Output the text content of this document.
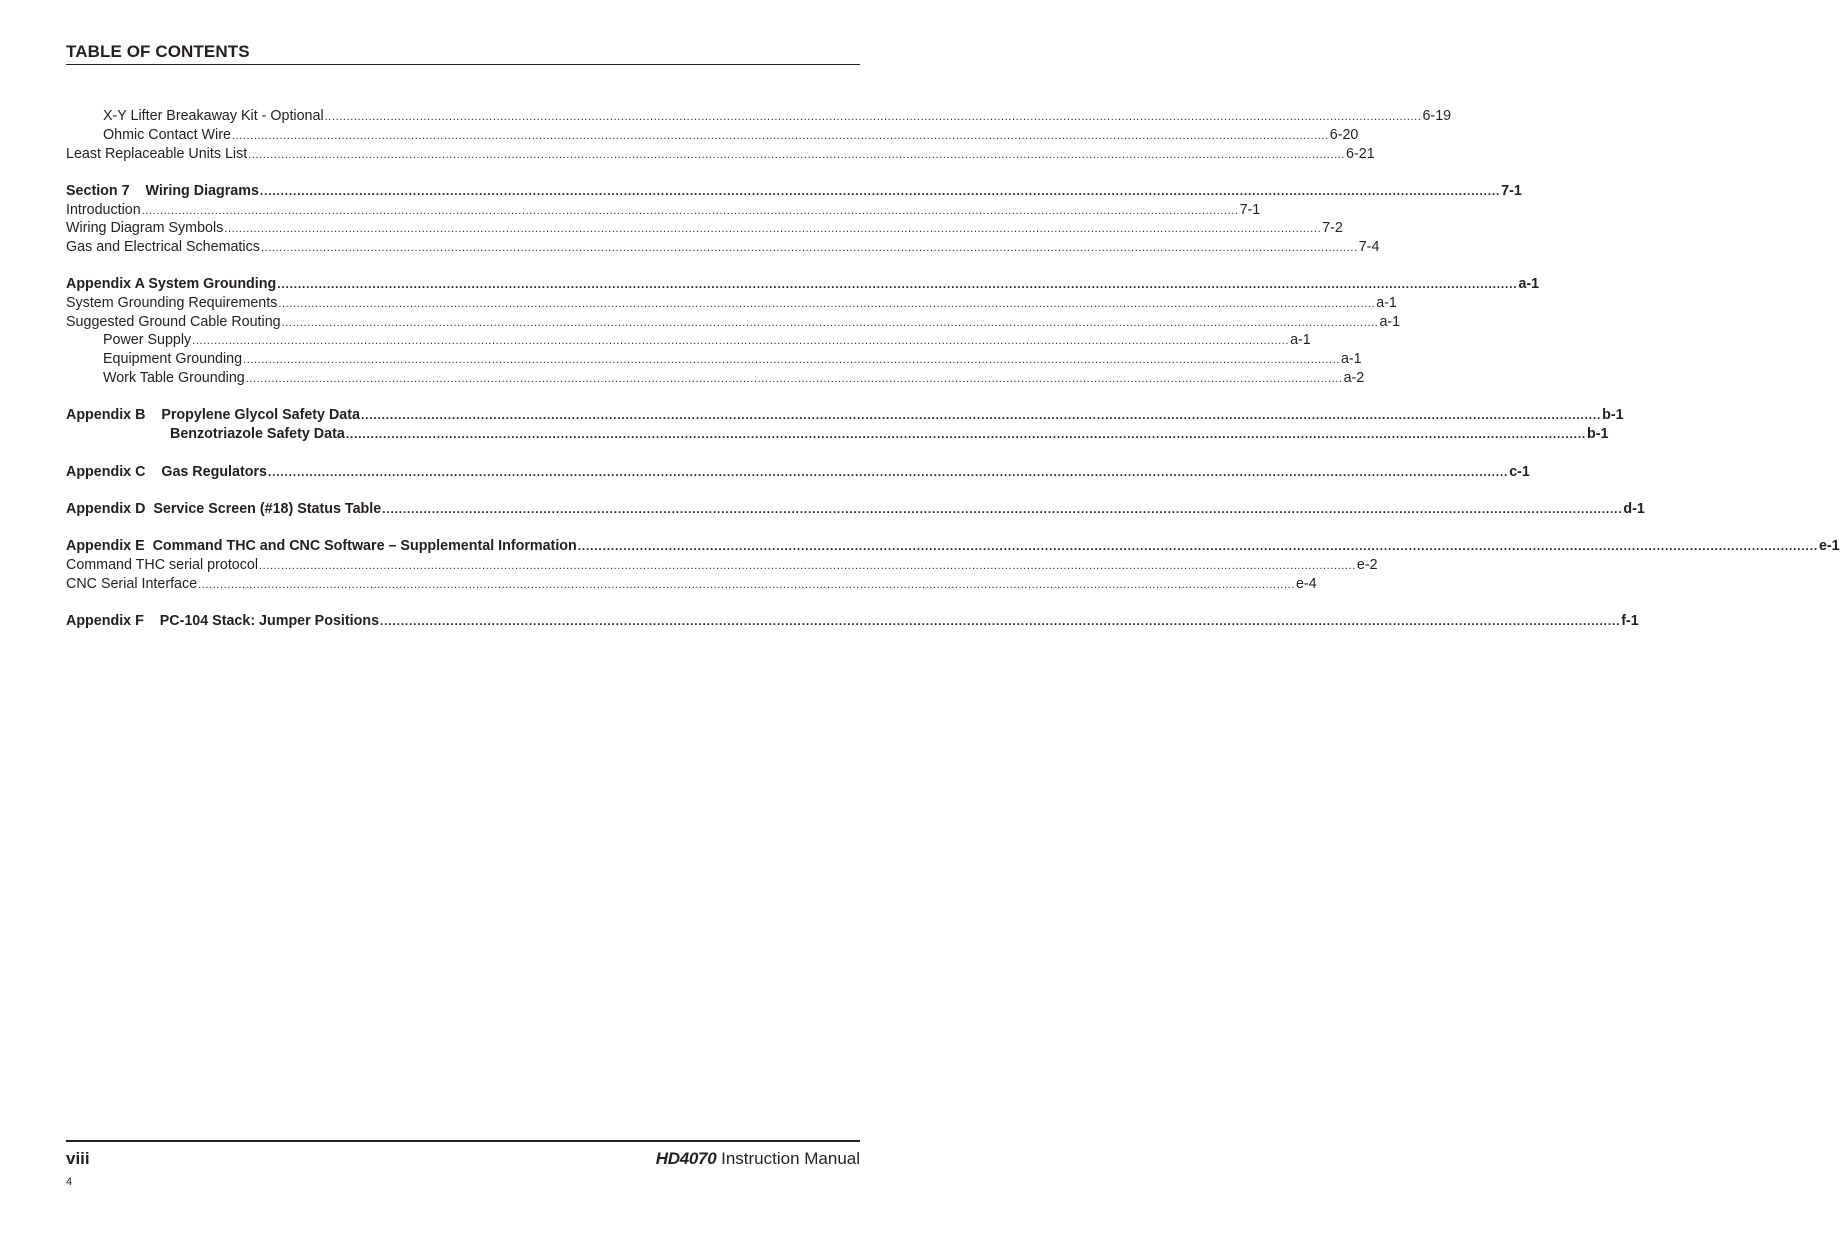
TABLE OF CONTENTS
X-Y Lifter Breakaway Kit - Optional ............................................................................................................................................................................................................................................................................................................ 6-19
Ohmic Contact Wire ............................................................................................................................................................................................................................................................................................................ 6-20
Least Replaceable Units List ............................................................................................................................................................................................................................................................................................................ 6-21
Section 7    Wiring Diagrams ............................................................................................................................................................................................................................................................................................................ 7-1
Introduction ............................................................................................................................................................................................................................................................................................................ 7-1
Wiring Diagram Symbols ............................................................................................................................................................................................................................................................................................................ 7-2
Gas and Electrical Schematics ............................................................................................................................................................................................................................................................................................................ 7-4
Appendix A System Grounding ............................................................................................................................................................................................................................................................................................................ a-1
System Grounding Requirements ............................................................................................................................................................................................................................................................................................................ a-1
Suggested Ground Cable Routing ............................................................................................................................................................................................................................................................................................................ a-1
Power Supply ............................................................................................................................................................................................................................................................................................................ a-1
Equipment Grounding ............................................................................................................................................................................................................................................................................................................ a-1
Work Table Grounding ............................................................................................................................................................................................................................................................................................................ a-2
Appendix B    Propylene Glycol Safety Data ............................................................................................................................................................................................................................................................................................................ b-1
Benzotriazole Safety Data ............................................................................................................................................................................................................................................................................................................ b-1
Appendix C    Gas Regulators ............................................................................................................................................................................................................................................................................................................ c-1
Appendix D  Service Screen (#18) Status Table ............................................................................................................................................................................................................................................................................................................ d-1
Appendix E  Command THC and CNC Software – Supplemental Information ............................................................................................................................................................................................................................................................................................................ e-1
Command THC serial protocol ............................................................................................................................................................................................................................................................................................................ e-2
CNC Serial Interface ............................................................................................................................................................................................................................................................................................................ e-4
Appendix F    PC-104 Stack: Jumper Positions ............................................................................................................................................................................................................................................................................................................ f-1
viii	HD4070 Instruction Manual
4
